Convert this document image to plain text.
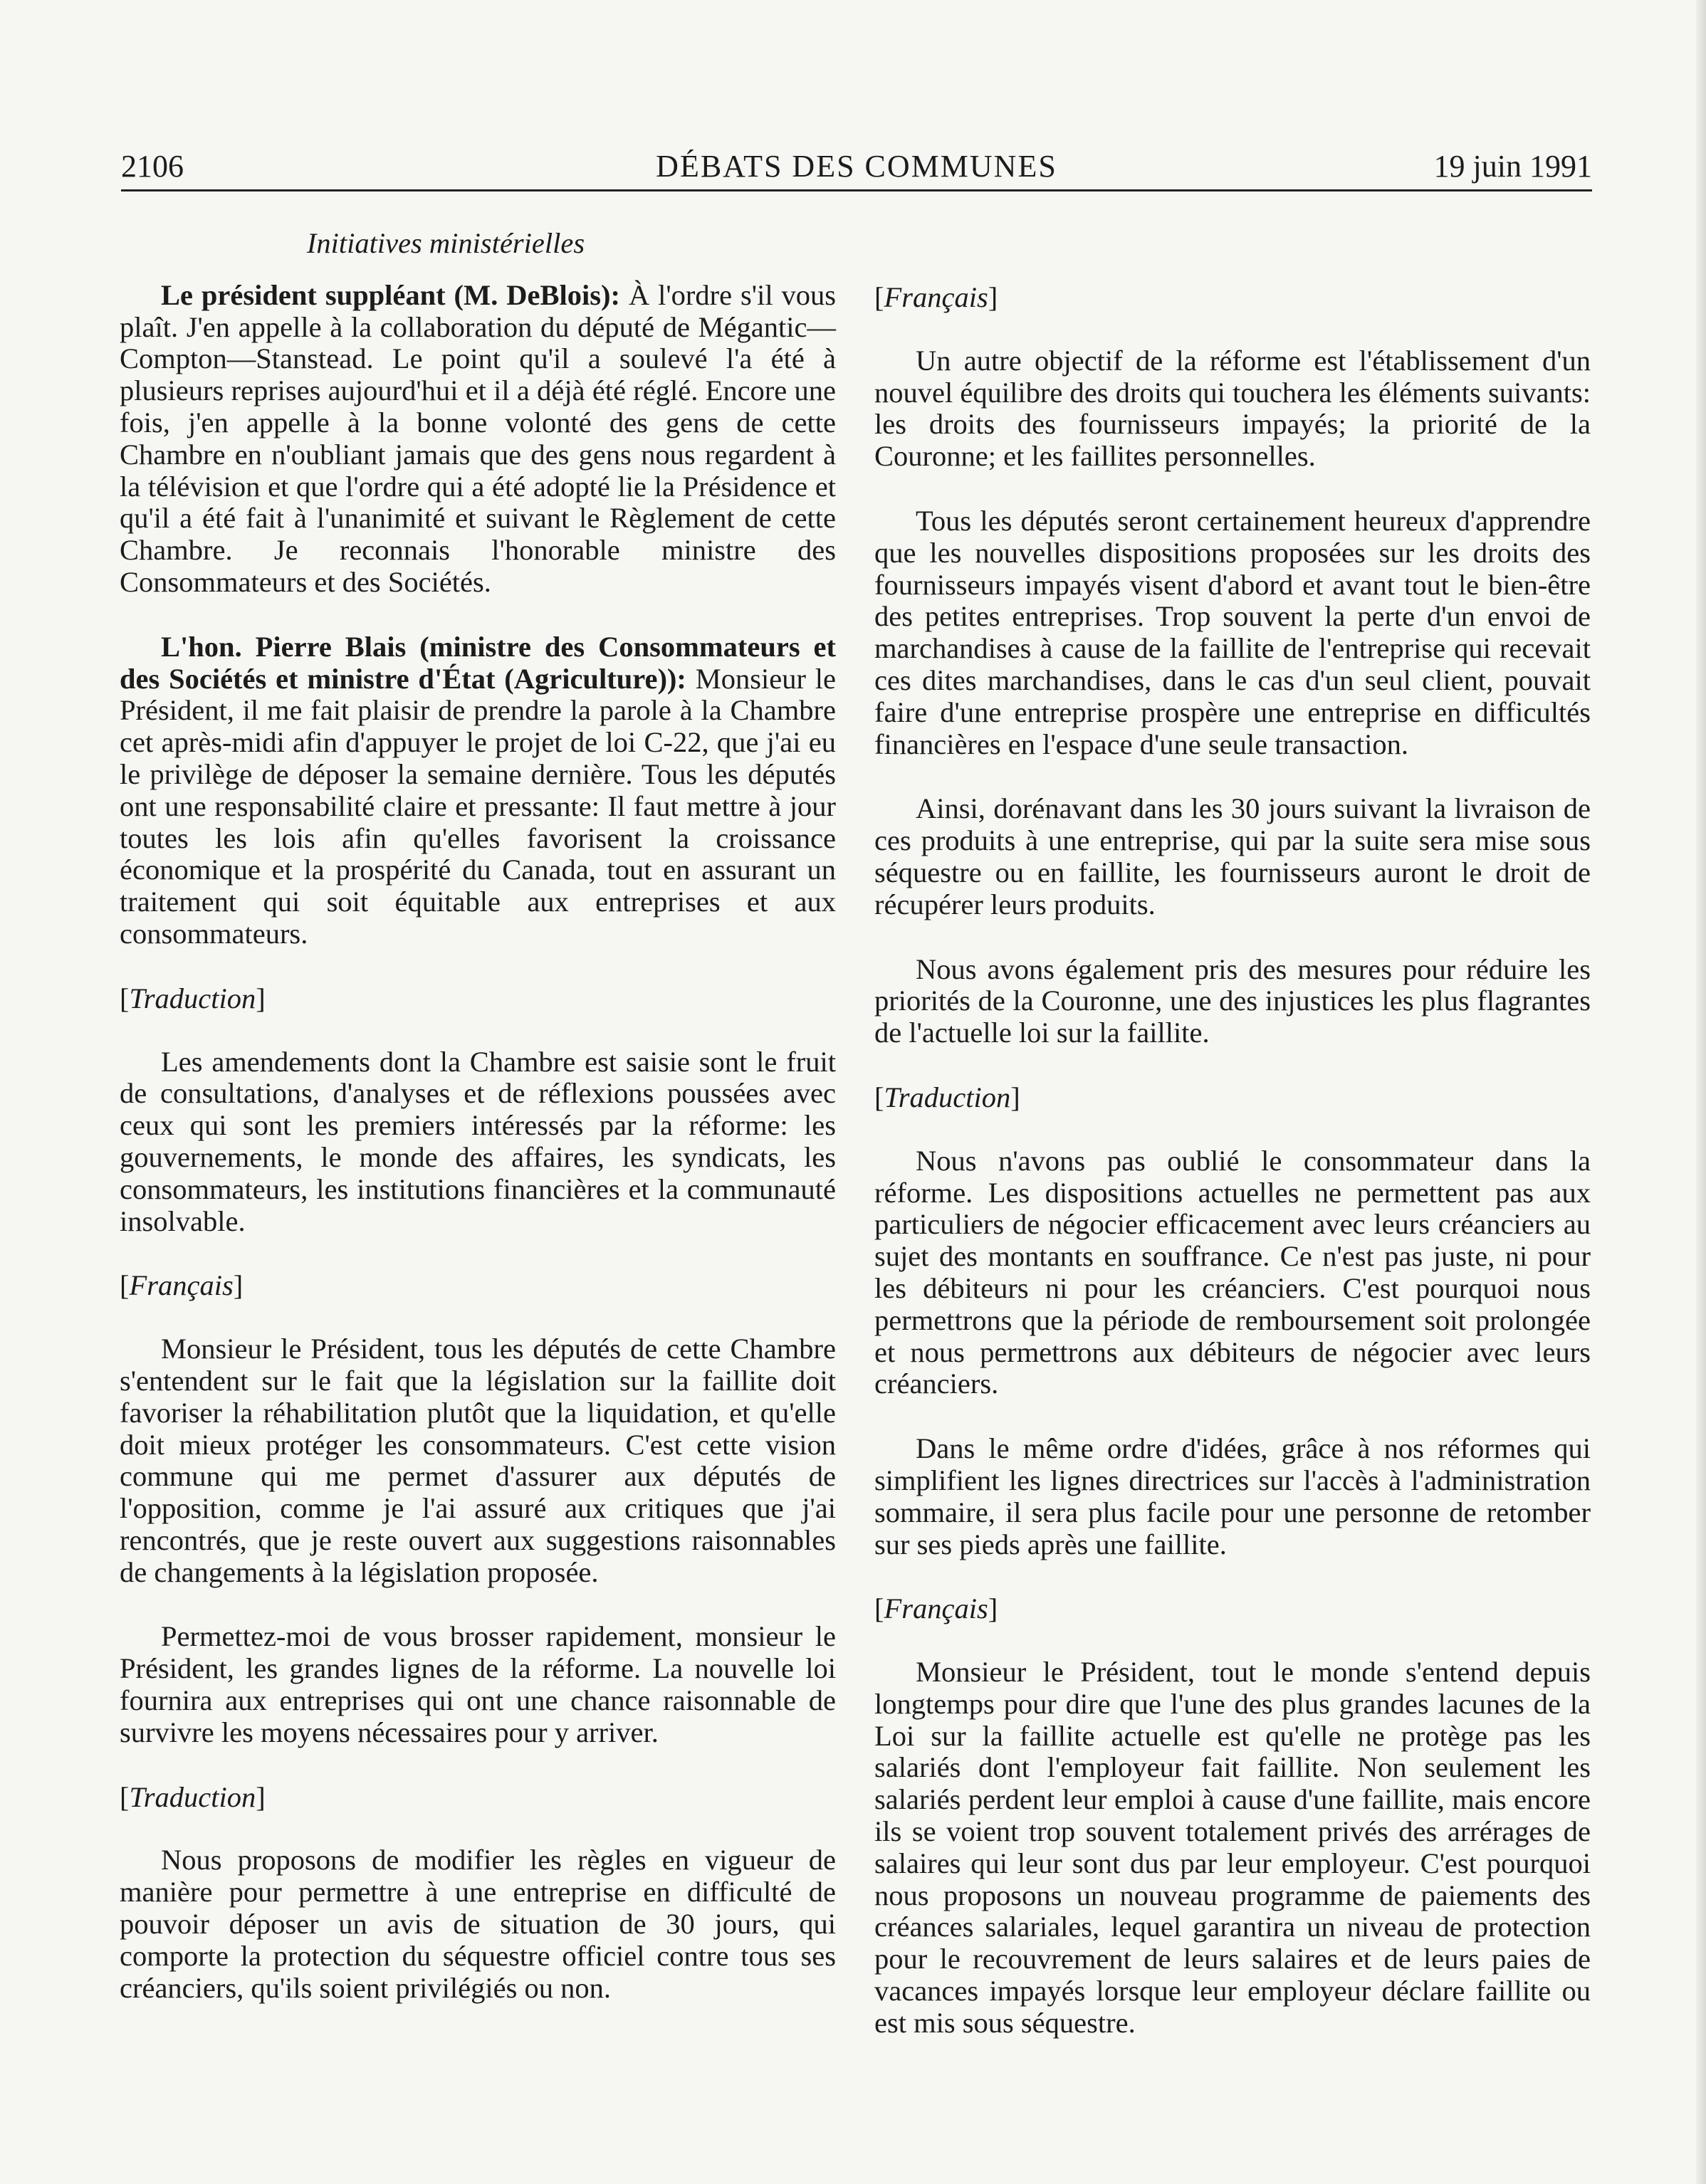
2106	DÉBATS DES COMMUNES	19 juin 1991

Initiatives ministérielles

Le président suppléant (M. DeBlois): À l'ordre s'il vous plaît. J'en appelle à la collaboration du député de Mégantic—Compton—Stanstead. Le point qu'il a soulevé l'a été à plusieurs reprises aujourd'hui et il a déjà été réglé. Encore une fois, j'en appelle à la bonne volonté des gens de cette Chambre en n'oubliant jamais que des gens nous regardent à la télévision et que l'ordre qui a été adopté lie la Présidence et qu'il a été fait à l'unanimité et suivant le Règlement de cette Chambre. Je reconnais l'honorable ministre des Consommateurs et des Sociétés.

L'hon. Pierre Blais (ministre des Consommateurs et des Sociétés et ministre d'État (Agriculture)): Monsieur le Président, il me fait plaisir de prendre la parole à la Chambre cet après-midi afin d'appuyer le projet de loi C-22, que j'ai eu le privilège de déposer la semaine dernière. Tous les députés ont une responsabilité claire et pressante: Il faut mettre à jour toutes les lois afin qu'elles favorisent la croissance économique et la prospérité du Canada, tout en assurant un traitement qui soit équitable aux entreprises et aux consommateurs.

[Traduction]

Les amendements dont la Chambre est saisie sont le fruit de consultations, d'analyses et de réflexions poussées avec ceux qui sont les premiers intéressés par la réforme: les gouvernements, le monde des affaires, les syndicats, les consommateurs, les institutions financières et la communauté insolvable.

[Français]

Monsieur le Président, tous les députés de cette Chambre s'entendent sur le fait que la législation sur la faillite doit favoriser la réhabilitation plutôt que la liquidation, et qu'elle doit mieux protéger les consommateurs. C'est cette vision commune qui me permet d'assurer aux députés de l'opposition, comme je l'ai assuré aux critiques que j'ai rencontrés, que je reste ouvert aux suggestions raisonnables de changements à la législation proposée.

Permettez-moi de vous brosser rapidement, monsieur le Président, les grandes lignes de la réforme. La nouvelle loi fournira aux entreprises qui ont une chance raisonnable de survivre les moyens nécessaires pour y arriver.

[Traduction]

Nous proposons de modifier les règles en vigueur de manière pour permettre à une entreprise en difficulté de pouvoir déposer un avis de situation de 30 jours, qui comporte la protection du séquestre officiel contre tous ses créanciers, qu'ils soient privilégiés ou non.

[Français]

Un autre objectif de la réforme est l'établissement d'un nouvel équilibre des droits qui touchera les éléments suivants: les droits des fournisseurs impayés; la priorité de la Couronne; et les faillites personnelles.

Tous les députés seront certainement heureux d'apprendre que les nouvelles dispositions proposées sur les droits des fournisseurs impayés visent d'abord et avant tout le bien-être des petites entreprises. Trop souvent la perte d'un envoi de marchandises à cause de la faillite de l'entreprise qui recevait ces dites marchandises, dans le cas d'un seul client, pouvait faire d'une entreprise prospère une entreprise en difficultés financières en l'espace d'une seule transaction.

Ainsi, dorénavant dans les 30 jours suivant la livraison de ces produits à une entreprise, qui par la suite sera mise sous séquestre ou en faillite, les fournisseurs auront le droit de récupérer leurs produits.

Nous avons également pris des mesures pour réduire les priorités de la Couronne, une des injustices les plus flagrantes de l'actuelle loi sur la faillite.

[Traduction]

Nous n'avons pas oublié le consommateur dans la réforme. Les dispositions actuelles ne permettent pas aux particuliers de négocier efficacement avec leurs créanciers au sujet des montants en souffrance. Ce n'est pas juste, ni pour les débiteurs ni pour les créanciers. C'est pourquoi nous permettrons que la période de remboursement soit prolongée et nous permettrons aux débiteurs de négocier avec leurs créanciers.

Dans le même ordre d'idées, grâce à nos réformes qui simplifient les lignes directrices sur l'accès à l'administration sommaire, il sera plus facile pour une personne de retomber sur ses pieds après une faillite.

[Français]

Monsieur le Président, tout le monde s'entend depuis longtemps pour dire que l'une des plus grandes lacunes de la Loi sur la faillite actuelle est qu'elle ne protège pas les salariés dont l'employeur fait faillite. Non seulement les salariés perdent leur emploi à cause d'une faillite, mais encore ils se voient trop souvent totalement privés des arrérages de salaires qui leur sont dus par leur employeur. C'est pourquoi nous proposons un nouveau programme de paiements des créances salariales, lequel garantira un niveau de protection pour le recouvrement de leurs salaires et de leurs paies de vacances impayés lorsque leur employeur déclare faillite ou est mis sous séquestre.
